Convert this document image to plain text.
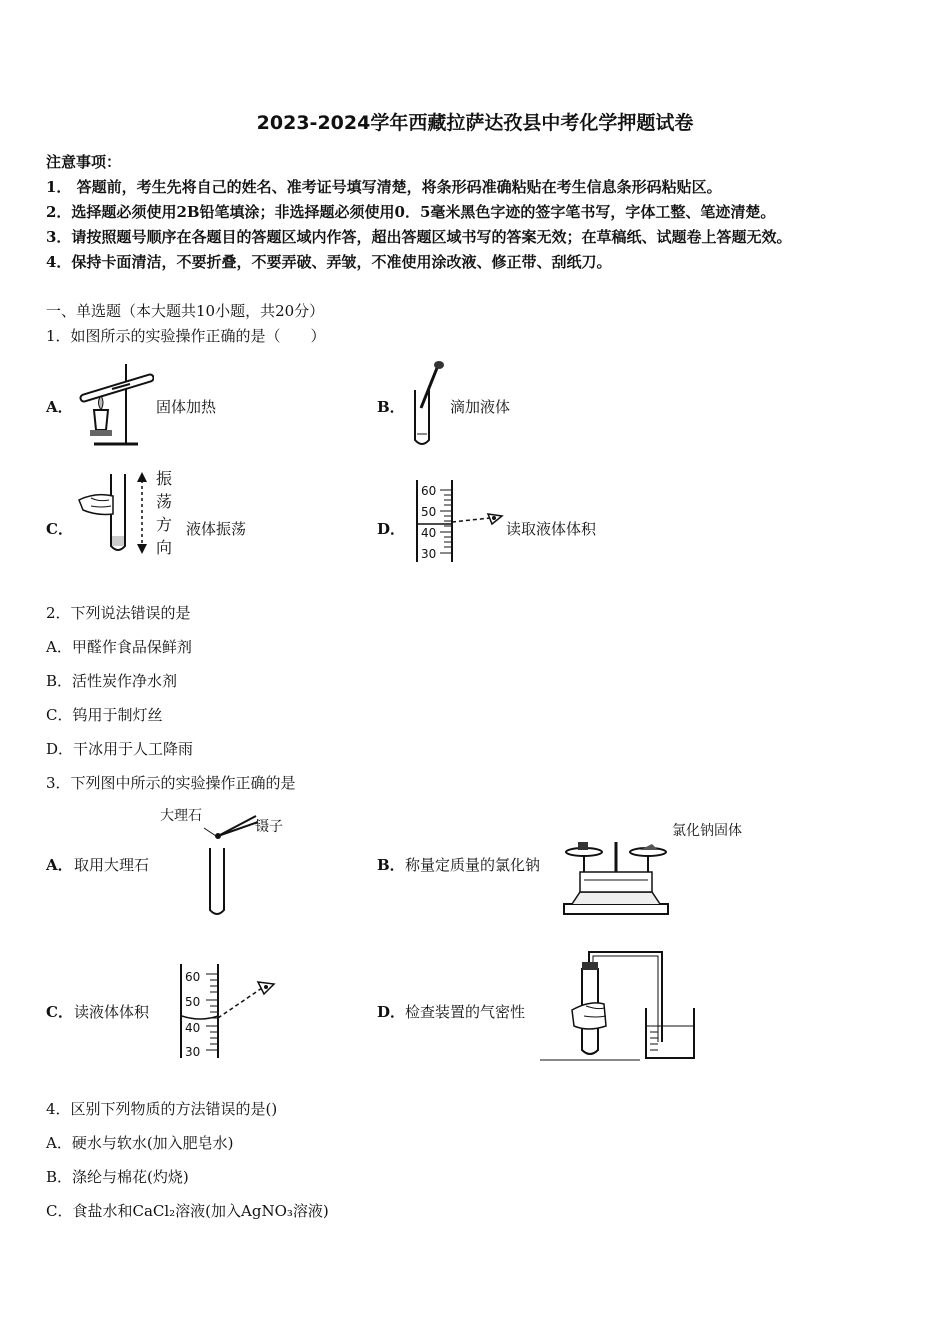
2023-2024学年西藏拉萨达孜县中考化学押题试卷
注意事项：
1． 答题前，考生先将自己的姓名、准考证号填写清楚，将条形码准确粘贴在考生信息条形码粘贴区。
2．选择题必须使用2B铅笔填涂；非选择题必须使用0．5毫米黑色字迹的签字笔书写，字体工整、笔迹清楚。
3．请按照题号顺序在各题目的答题区域内作答，超出答题区域书写的答案无效；在草稿纸、试题卷上答题无效。
4．保持卡面清洁，不要折叠，不要弄破、弄皱，不准使用涂改液、修正带、刮纸刀。
一、单选题（本大题共10小题，共20分）
1．如图所示的实验操作正确的是（　　）
A．	固体加热	B．	滴加液体
C．
振
荡
方
向
液体振荡	D．
60
50
40
30
读取液体体积
2．下列说法错误的是
A．甲醛作食品保鲜剂
B．活性炭作净水剂
C．钨用于制灯丝
D．干冰用于人工降雨
3．下列图中所示的实验操作正确的是
A． 取用大理石
大理石
镊子
B． 称量定质量的氯化钠
氯化钠固体
C． 读液体体积
60
50
40
30
D． 检查装置的气密性
4．区别下列物质的方法错误的是()
A．硬水与软水(加入肥皂水)
B．涤纶与棉花(灼烧)
C．食盐水和CaCl₂溶液(加入AgNO₃溶液)
